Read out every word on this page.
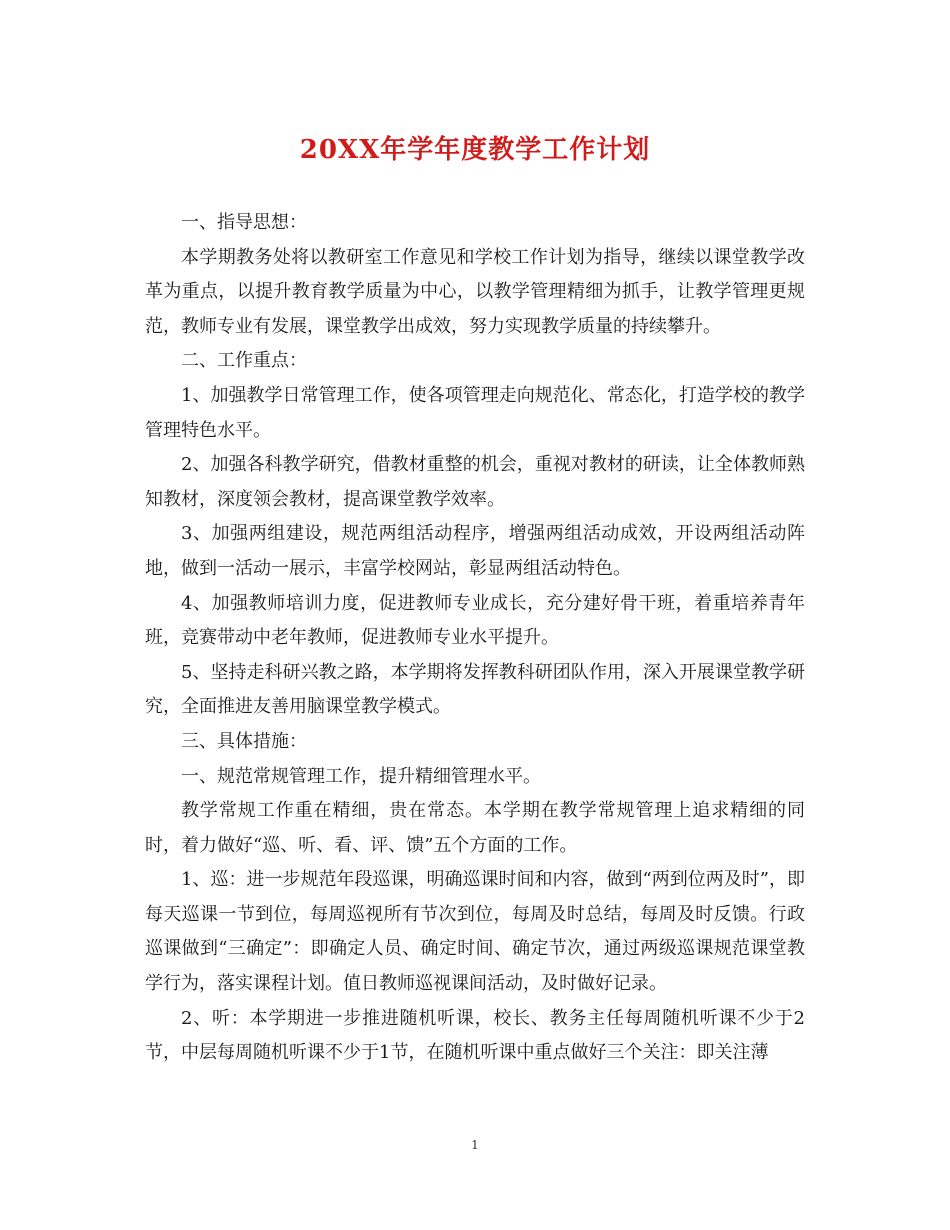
20XX年学年度教学工作计划

一、指导思想：

本学期教务处将以教研室工作意见和学校工作计划为指导，继续以课堂教学改革为重点，以提升教育教学质量为中心，以教学管理精细为抓手，让教学管理更规范，教师专业有发展，课堂教学出成效，努力实现教学质量的持续攀升。

二、工作重点：

1、加强教学日常管理工作，使各项管理走向规范化、常态化，打造学校的教学管理特色水平。

2、加强各科教学研究，借教材重整的机会，重视对教材的研读，让全体教师熟知教材，深度领会教材，提高课堂教学效率。

3、加强两组建设，规范两组活动程序，增强两组活动成效，开设两组活动阵地，做到一活动一展示，丰富学校网站，彰显两组活动特色。

4、加强教师培训力度，促进教师专业成长，充分建好骨干班，着重培养青年班，竞赛带动中老年教师，促进教师专业水平提升。

5、坚持走科研兴教之路，本学期将发挥教科研团队作用，深入开展课堂教学研究，全面推进友善用脑课堂教学模式。

三、具体措施：

一、规范常规管理工作，提升精细管理水平。

教学常规工作重在精细，贵在常态。本学期在教学常规管理上追求精细的同时，着力做好“巡、听、看、评、馈”五个方面的工作。

1、巡：进一步规范年段巡课，明确巡课时间和内容，做到“两到位两及时”，即每天巡课一节到位，每周巡视所有节次到位，每周及时总结，每周及时反馈。行政巡课做到“三确定”：即确定人员、确定时间、确定节次，通过两级巡课规范课堂教学行为，落实课程计划。值日教师巡视课间活动，及时做好记录。

2、听：本学期进一步推进随机听课，校长、教务主任每周随机听课不少于2节，中层每周随机听课不少于1节，在随机听课中重点做好三个关注：即关注薄

1
